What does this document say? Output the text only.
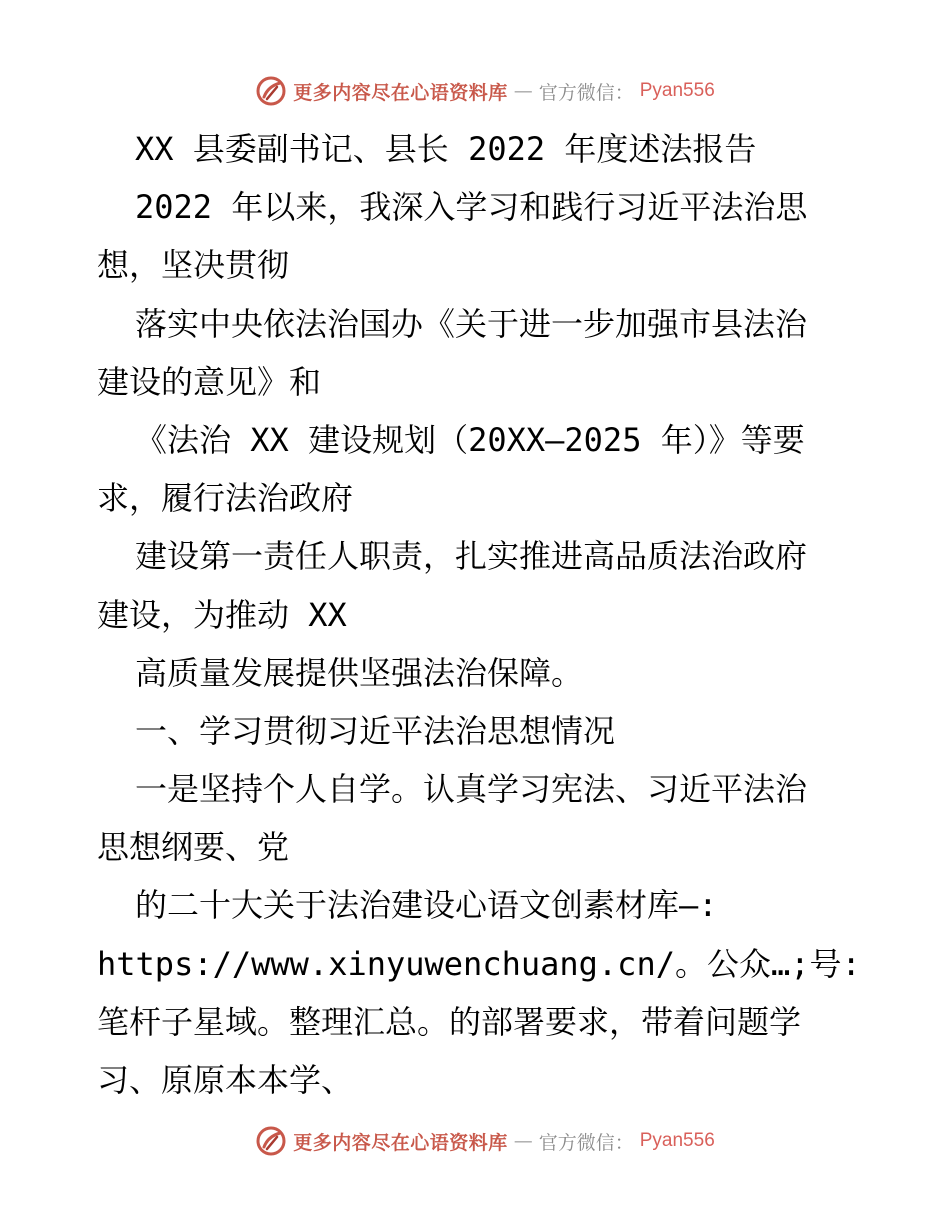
更多内容尽在心语资料库 — 官方微信： Pyan556
XX 县委副书记、县长 2022 年度述法报告
2022 年以来，我深入学习和践行习近平法治思
想，坚决贯彻
落实中央依法治国办《关于进一步加强市县法治
建设的意见》和
《法治 XX 建设规划（20XX—2025 年）》等要
求，履行法治政府
建设第一责任人职责，扎实推进高品质法治政府
建设，为推动 XX
高质量发展提供坚强法治保障。
一、学习贯彻习近平法治思想情况
一是坚持个人自学。认真学习宪法、习近平法治
思想纲要、党
的二十大关于法治建设心语文创素材库—:
https://www.xinyuwenchuang.cn/。公众…;号:
笔杆子星域。整理汇总。的部署要求，带着问题学
习、原原本本学、
更多内容尽在心语资料库 — 官方微信： Pyan556
